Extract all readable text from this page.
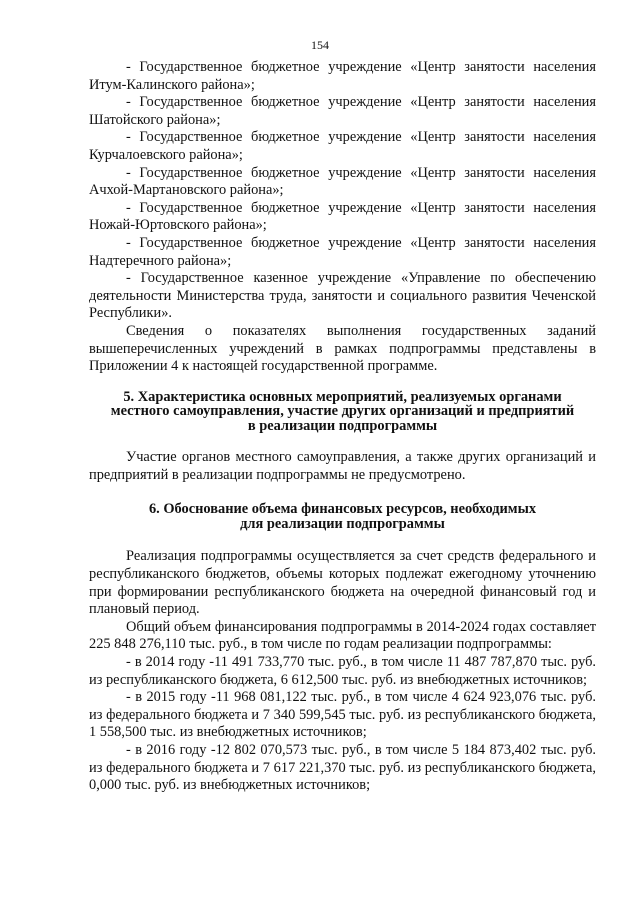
154

- Государственное бюджетное учреждение «Центр занятости населения Итум-Калинского района»;

- Государственное бюджетное учреждение «Центр занятости населения Шатойского района»;

- Государственное бюджетное учреждение «Центр занятости населения Курчалоевского района»;

- Государственное бюджетное учреждение «Центр занятости населения Ачхой-Мартановского района»;

- Государственное бюджетное учреждение «Центр занятости населения Ножай-Юртовского района»;

- Государственное бюджетное учреждение «Центр занятости населения Надтеречного района»;

- Государственное казенное учреждение «Управление по обеспечению деятельности Министерства труда, занятости и социального развития Чеченской Республики».

Сведения о показателях выполнения государственных заданий вышеперечисленных учреждений в рамках подпрограммы представлены в Приложении 4 к настоящей государственной программе.

5. Характеристика основных мероприятий, реализуемых органами
местного самоуправления, участие других организаций и предприятий
в реализации подпрограммы

Участие органов местного самоуправления, а также других организаций и предприятий в реализации подпрограммы не предусмотрено.

6. Обоснование объема финансовых ресурсов, необходимых
для реализации подпрограммы

Реализация подпрограммы осуществляется за счет средств федерального и республиканского бюджетов, объемы которых подлежат ежегодному уточнению при формировании республиканского бюджета на очередной финансовый год и плановый период.

Общий объем финансирования подпрограммы в 2014-2024 годах составляет 225 848 276,110 тыс. руб., в том числе по годам реализации подпрограммы:

- в 2014 году -11 491 733,770 тыс. руб., в том числе 11 487 787,870 тыс. руб. из республиканского бюджета, 6 612,500 тыс. руб. из внебюджетных источников;

- в 2015 году -11 968 081,122 тыс. руб., в том числе 4 624 923,076 тыс. руб. из федерального бюджета и 7 340 599,545 тыс. руб. из республиканского бюджета, 1 558,500 тыс. из внебюджетных источников;

- в 2016 году -12 802 070,573 тыс. руб., в том числе 5 184 873,402 тыс. руб. из федерального бюджета и 7 617 221,370 тыс. руб. из республиканского бюджета, 0,000 тыс. руб. из внебюджетных источников;
